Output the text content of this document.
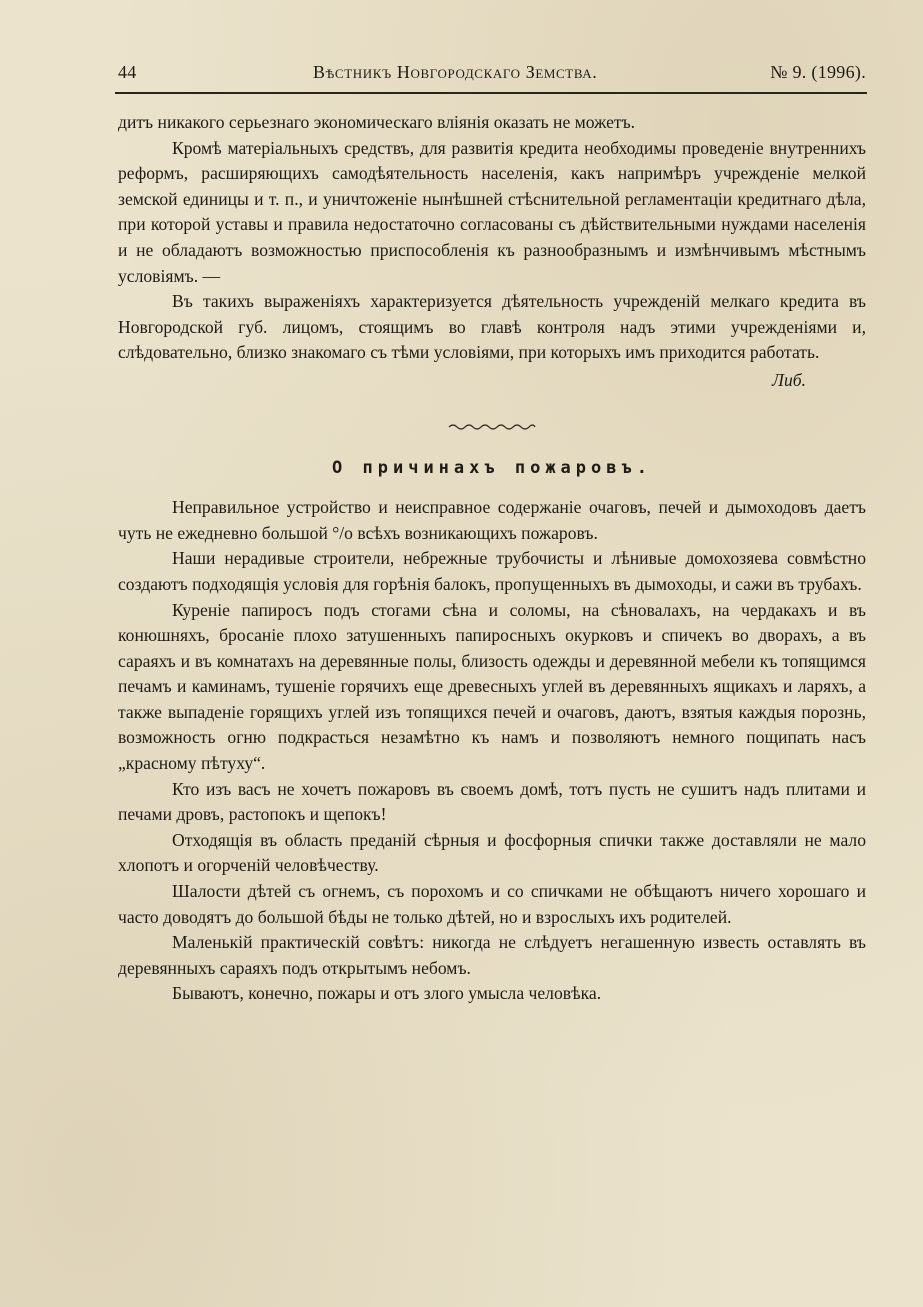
44	Вѣстникъ Новгородскаго Земства.	№ 9. (1996).

дитъ никакого серьезнаго экономическаго вліянія оказать не можетъ.

Кромѣ матеріальныхъ средствъ, для развитія кредита необходимы проведеніе внутреннихъ реформъ, расширяющихъ самодѣятельность населенія, какъ напримѣръ учрежденіе мелкой земской единицы и т. п., и уничтоженіе нынѣшней стѣснительной регламентаціи кредитнаго дѣла, при которой уставы и правила недостаточно согласованы съ дѣйствительными нуждами населенія и не обладаютъ возможностью приспособленія къ разнообразнымъ и измѣнчивымъ мѣстнымъ условіямъ. —

Въ такихъ выраженіяхъ характеризуется дѣятельность учрежденій мелкаго кредита въ Новгородской губ. лицомъ, стоящимъ во главѣ контроля надъ этими учрежденіями и, слѣдовательно, близко знакомаго съ тѣми условіями, при которыхъ имъ приходится работать.

Либ.

О причинахъ пожаровъ.

Неправильное устройство и неисправное содержаніе очаговъ, печей и дымоходовъ даетъ чуть не ежедневно большой °/o всѣхъ возникающихъ пожаровъ.

Наши нерадивые строители, небрежные трубочисты и лѣнивые домохозяева совмѣстно создаютъ подходящія условія для горѣнія балокъ, пропущенныхъ въ дымоходы, и сажи въ трубахъ.

Куреніе папиросъ подъ стогами сѣна и соломы, на сѣновалахъ, на чердакахъ и въ конюшняхъ, бросаніе плохо затушенныхъ папиросныхъ окурковъ и спичекъ во дворахъ, а въ сараяхъ и въ комнатахъ на деревянные полы, близость одежды и деревянной мебели къ топящимся печамъ и каминамъ, тушеніе горячихъ еще древесныхъ углей въ деревянныхъ ящикахъ и ларяхъ, а также выпаденіе горящихъ углей изъ топящихся печей и очаговъ, даютъ, взятыя каждыя порознь, возможность огню подкрасться незамѣтно къ намъ и позволяютъ немного пощипать насъ „красному пѣтуху“.

Кто изъ васъ не хочетъ пожаровъ въ своемъ домѣ, тотъ пусть не сушитъ надъ плитами и печами дровъ, растопокъ и щепокъ!

Отходящія въ область преданій сѣрныя и фосфорныя спички также доставляли не мало хлопотъ и огорченій человѣчеству.

Шалости дѣтей съ огнемъ, съ порохомъ и со спичками не обѣщаютъ ничего хорошаго и часто доводятъ до большой бѣды не только дѣтей, но и взрослыхъ ихъ родителей.

Маленькій практическій совѣтъ: никогда не слѣдуетъ негашенную известь оставлять въ деревянныхъ сараяхъ подъ открытымъ небомъ.

Бываютъ, конечно, пожары и отъ злого умысла человѣка.
